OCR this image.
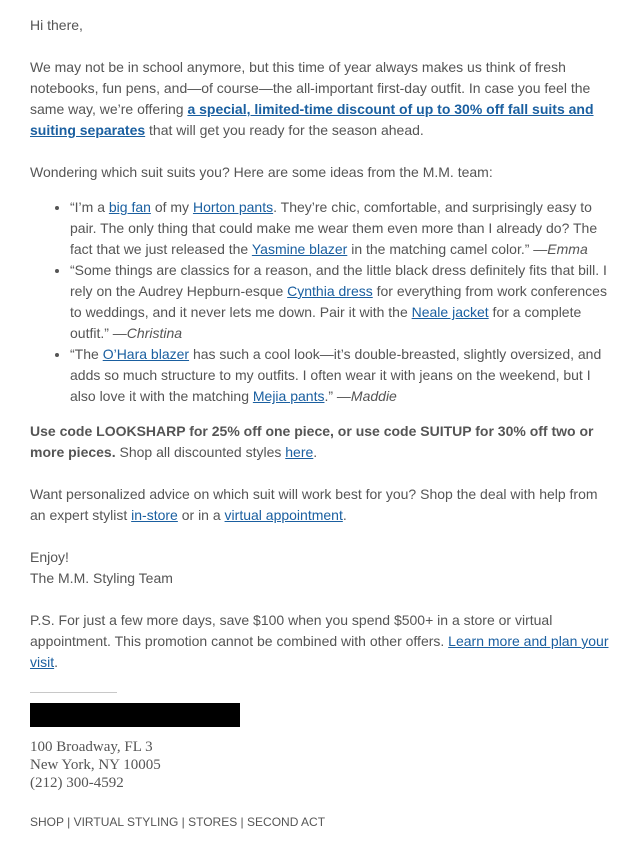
Hi there,

We may not be in school anymore, but this time of year always makes us think of fresh notebooks, fun pens, and—of course—the all-important first-day outfit. In case you feel the same way, we’re offering a special, limited-time discount of up to 30% off fall suits and suiting separates that will get you ready for the season ahead.

Wondering which suit suits you? Here are some ideas from the M.M. team:

• “I’m a big fan of my Horton pants. They’re chic, comfortable, and surprisingly easy to pair. The only thing that could make me wear them even more than I already do? The fact that we just released the Yasmine blazer in the matching camel color.” —Emma
• “Some things are classics for a reason, and the little black dress definitely fits that bill. I rely on the Audrey Hepburn-esque Cynthia dress for everything from work conferences to weddings, and it never lets me down. Pair it with the Neale jacket for a complete outfit.” —Christina
• “The O’Hara blazer has such a cool look—it’s double-breasted, slightly oversized, and adds so much structure to my outfits. I often wear it with jeans on the weekend, but I also love it with the matching Mejia pants.” —Maddie

Use code LOOKSHARP for 25% off one piece, or use code SUITUP for 30% off two or more pieces. Shop all discounted styles here.

Want personalized advice on which suit will work best for you? Shop the deal with help from an expert stylist in-store or in a virtual appointment.

Enjoy!
The M.M. Styling Team

P.S. For just a few more days, save $100 when you spend $500+ in a store or virtual appointment. This promotion cannot be combined with other offers. Learn more and plan your visit.

100 Broadway, FL 3
New York, NY 10005
(212) 300-4592
SHOP | VIRTUAL STYLING | STORES | SECOND ACT
